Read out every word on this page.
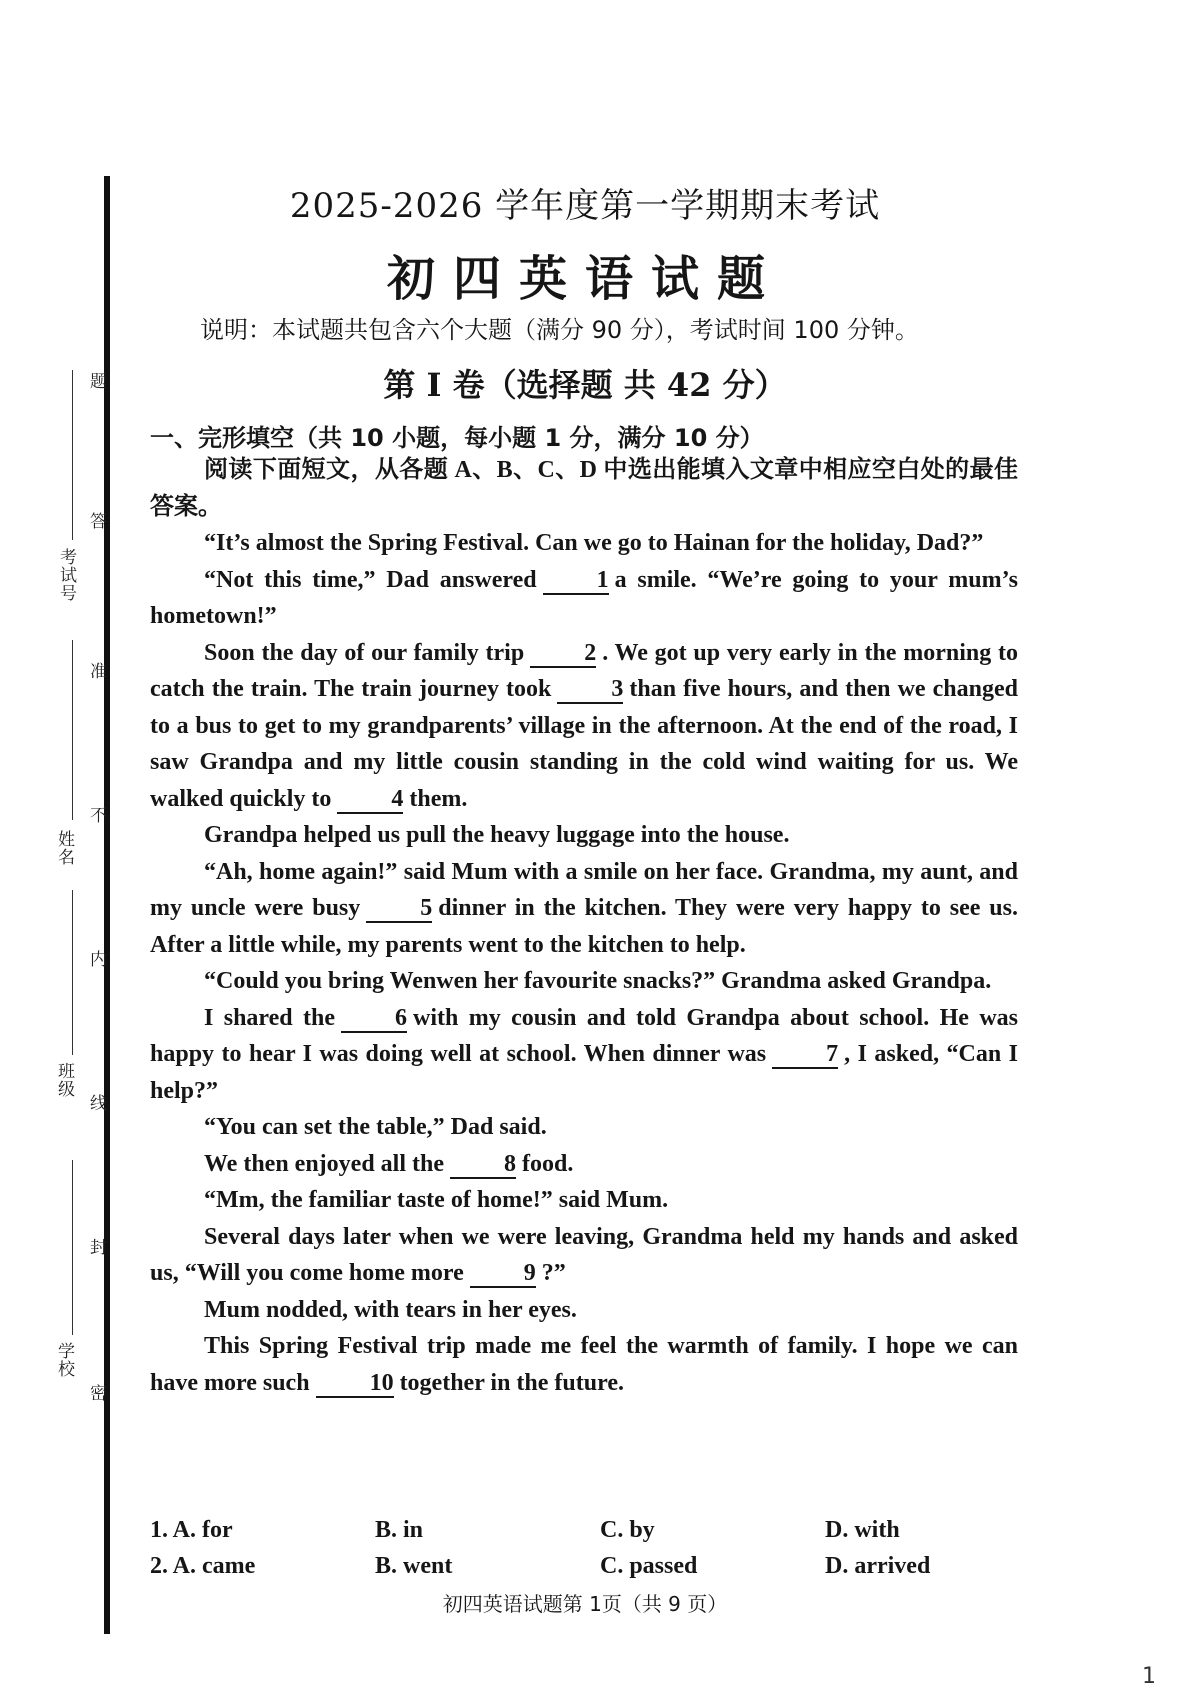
考试号
姓名
班级
学校
题
答
准
不
内
线
封
密
2025-2026 学年度第一学期期末考试
初四英语试题
说明：本试题共包含六个大题（满分 90 分），考试时间 100 分钟。
第 I 卷（选择题 共 42 分）
一、完形填空（共 10 小题，每小题 1 分，满分 10 分）

阅读下面短文，从各题 A、B、C、D 中选出能填入文章中相应空白处的最佳答案。

“It’s almost the Spring Festival. Can we go to Hainan for the holiday, Dad?”

“Not this time,” Dad answered	1 a smile. “We’re going to your mum’s hometown!”

Soon the day of our family trip	2 . We got up very early in the morning to catch the train. The train journey took	3 than five hours, and then we changed to a bus to get to my grandparents’ village in the afternoon. At the end of the road, I saw Grandpa and my little cousin standing in the cold wind waiting for us. We walked quickly to	4 them.

Grandpa helped us pull the heavy luggage into the house.

“Ah, home again!” said Mum with a smile on her face. Grandma, my aunt, and my uncle were busy	5 dinner in the kitchen. They were very happy to see us. After a little while, my parents went to the kitchen to help.

“Could you bring Wenwen her favourite snacks?” Grandma asked Grandpa.

I shared the	6 with my cousin and told Grandpa about school. He was happy to hear I was doing well at school. When dinner was	7 , I asked, “Can I help?”

“You can set the table,” Dad said.

We then enjoyed all the	8 food.

“Mm, the familiar taste of home!” said Mum.

Several days later when we were leaving, Grandma held my hands and asked us, “Will you come home more	9 ?”

Mum nodded, with tears in her eyes.

This Spring Festival trip made me feel the warmth of family. I hope we can have more such	10 together in the future.

1. A. for	B. in	C. by	D. with
2. A. came	B. went	C. passed	D. arrived
初四英语试题第 1页（共 9 页）
1
